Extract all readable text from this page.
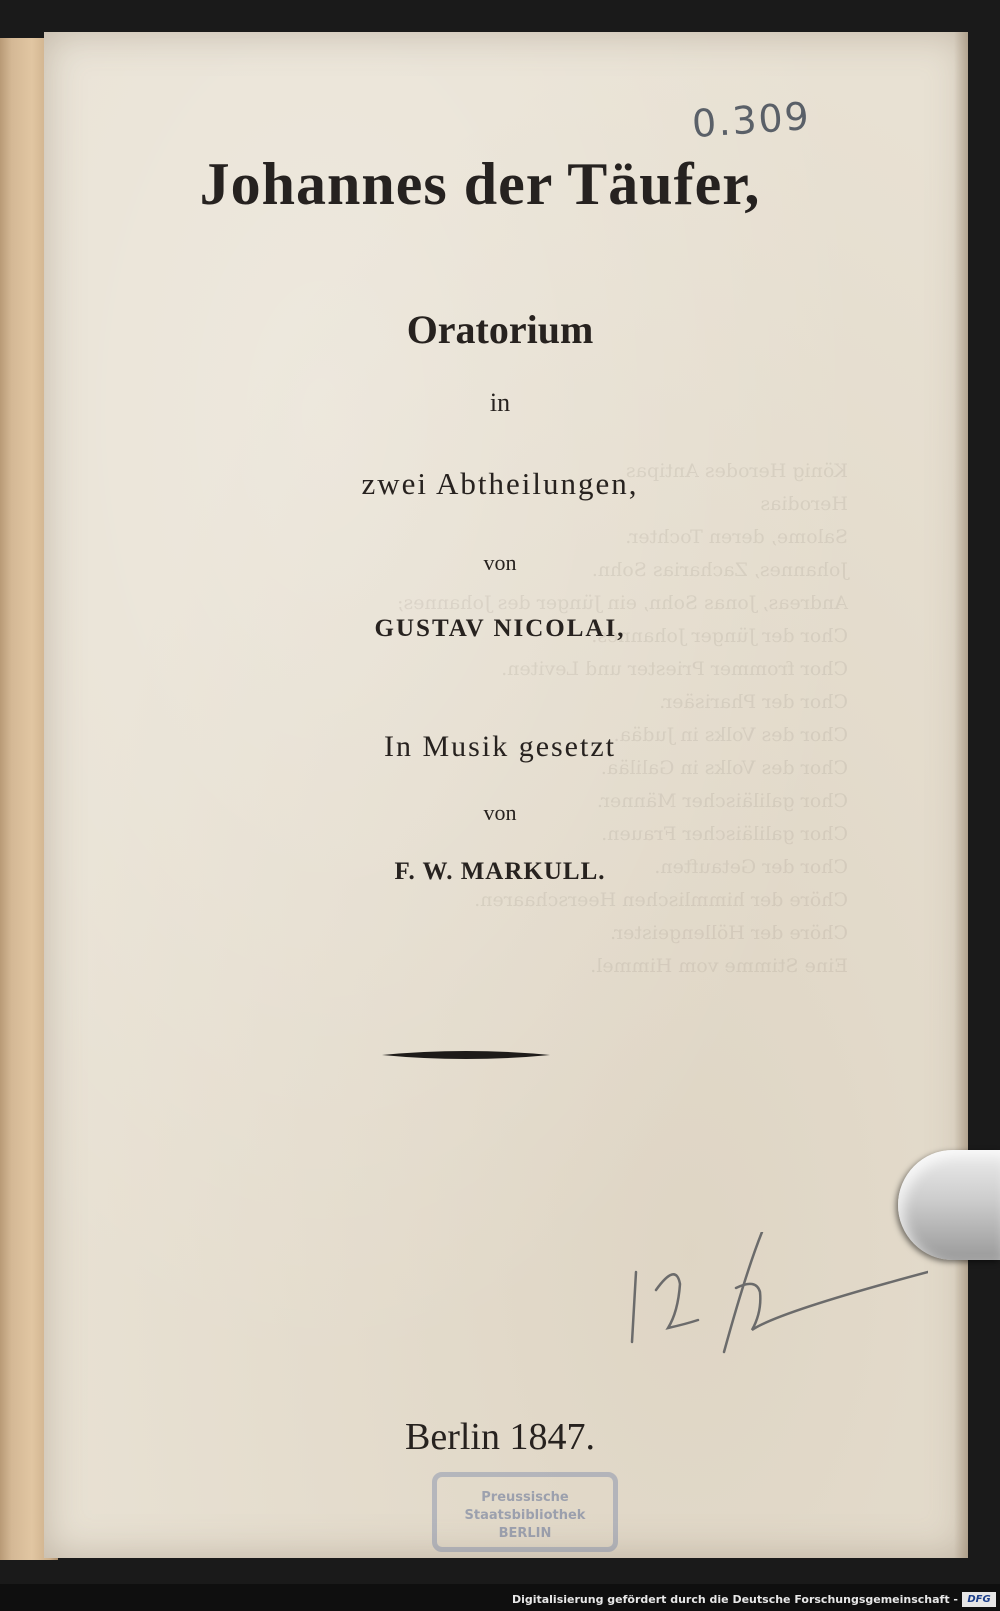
0.309
Johannes der Täufer,
Oratorium
in
zwei Abtheilungen,
von
GUSTAV NICOLAI,
In Musik gesetzt
von
F. W. MARKULL.
Berlin 1847.
Preussische
Staatsbibliothek
BERLIN
Digitalisierung gefördert durch die Deutsche Forschungsgemeinschaft - DFG
